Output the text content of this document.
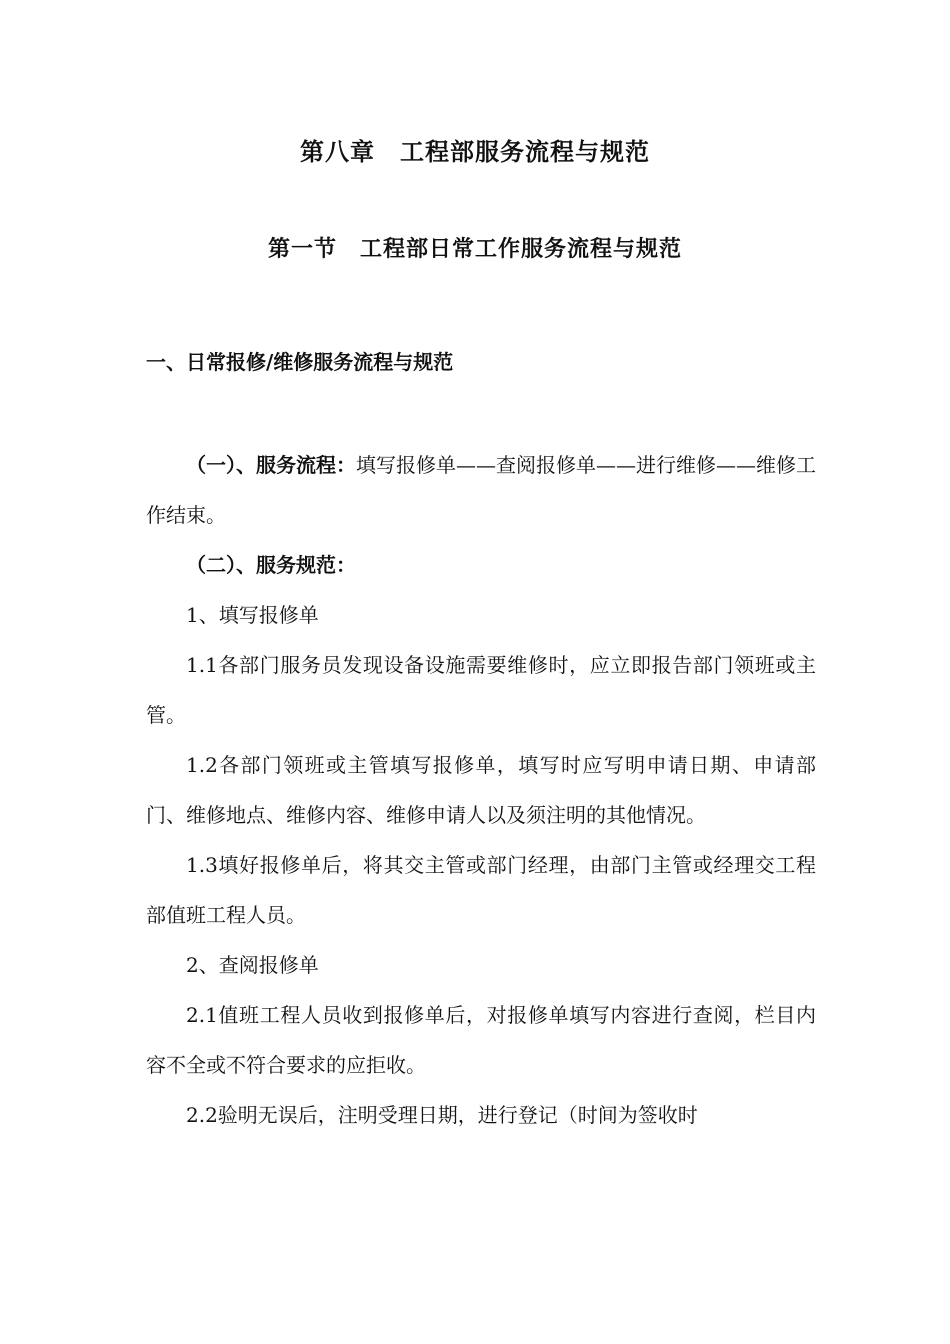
第八章　工程部服务流程与规范
第一节　工程部日常工作服务流程与规范
一、日常报修/维修服务流程与规范

（一）、服务流程：填写报修单——查阅报修单——进行维修——维修工作结束。

（二）、服务规范：

1、填写报修单

1.1各部门服务员发现设备设施需要维修时，应立即报告部门领班或主管。

1.2各部门领班或主管填写报修单，填写时应写明申请日期、申请部门、维修地点、维修内容、维修申请人以及须注明的其他情况。

1.3填好报修单后，将其交主管或部门经理，由部门主管或经理交工程部值班工程人员。

2、查阅报修单

2.1值班工程人员收到报修单后，对报修单填写内容进行查阅，栏目内容不全或不符合要求的应拒收。

2.2验明无误后，注明受理日期，进行登记（时间为签收时
